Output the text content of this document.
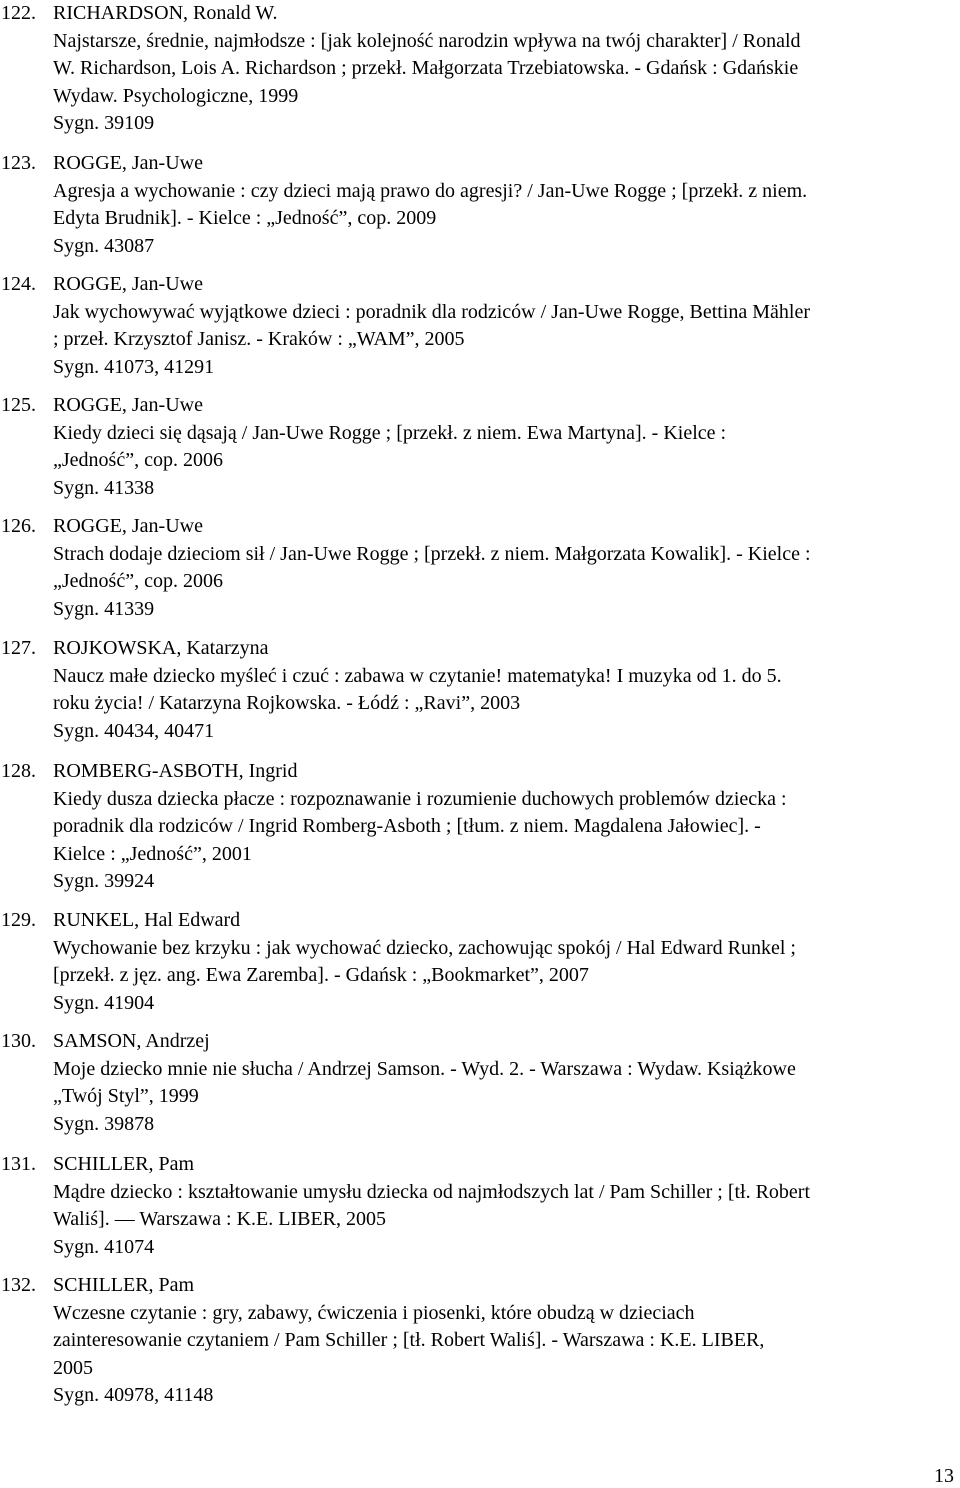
122. RICHARDSON, Ronald W.
Najstarsze, średnie, najmłodsze : [jak kolejność narodzin wpływa na twój charakter] / Ronald
W. Richardson, Lois A. Richardson ; przekł. Małgorzata Trzebiatowska. - Gdańsk : Gdańskie
Wydaw. Psychologiczne, 1999
Sygn. 39109
123. ROGGE, Jan-Uwe
Agresja a wychowanie : czy dzieci mają prawo do agresji? / Jan-Uwe Rogge ; [przekł. z niem.
Edyta Brudnik]. - Kielce : „Jedność”, cop. 2009
Sygn. 43087
124. ROGGE, Jan-Uwe
Jak wychowywać wyjątkowe dzieci : poradnik dla rodziców / Jan-Uwe Rogge, Bettina Mähler
; przeł. Krzysztof Janisz. - Kraków : „WAM”, 2005
Sygn. 41073, 41291
125. ROGGE, Jan-Uwe
Kiedy dzieci się dąsają / Jan-Uwe Rogge ; [przekł. z niem. Ewa Martyna]. - Kielce :
„Jedność”, cop. 2006
Sygn. 41338
126. ROGGE, Jan-Uwe
Strach dodaje dzieciom sił / Jan-Uwe Rogge ; [przekł. z niem. Małgorzata Kowalik]. - Kielce :
„Jedność”, cop. 2006
Sygn. 41339
127. ROJKOWSKA, Katarzyna
Naucz małe dziecko myśleć i czuć : zabawa w czytanie! matematyka! I muzyka od 1. do 5.
roku życia! / Katarzyna Rojkowska. - Łódź : „Ravi”, 2003
Sygn. 40434, 40471
128. ROMBERG-ASBOTH, Ingrid
Kiedy dusza dziecka płacze : rozpoznawanie i rozumienie duchowych problemów dziecka :
poradnik dla rodziców / Ingrid Romberg-Asboth ; [tłum. z niem. Magdalena Jałowiec]. -
Kielce : „Jedność”, 2001
Sygn. 39924
129. RUNKEL, Hal Edward
Wychowanie bez krzyku : jak wychować dziecko, zachowując spokój / Hal Edward Runkel ;
[przekł. z jęz. ang. Ewa Zaremba]. - Gdańsk : „Bookmarket”, 2007
Sygn. 41904
130. SAMSON, Andrzej
Moje dziecko mnie nie słucha / Andrzej Samson. - Wyd. 2. - Warszawa : Wydaw. Książkowe
„Twój Styl”, 1999
Sygn. 39878
131. SCHILLER, Pam
Mądre dziecko : kształtowanie umysłu dziecka od najmłodszych lat / Pam Schiller ; [tł. Robert
Waliś]. — Warszawa : K.E. LIBER, 2005
Sygn. 41074
132. SCHILLER, Pam
Wczesne czytanie : gry, zabawy, ćwiczenia i piosenki, które obudzą w dzieciach
zainteresowanie czytaniem / Pam Schiller ; [tł. Robert Waliś]. - Warszawa : K.E. LIBER,
2005
Sygn. 40978, 41148
13
